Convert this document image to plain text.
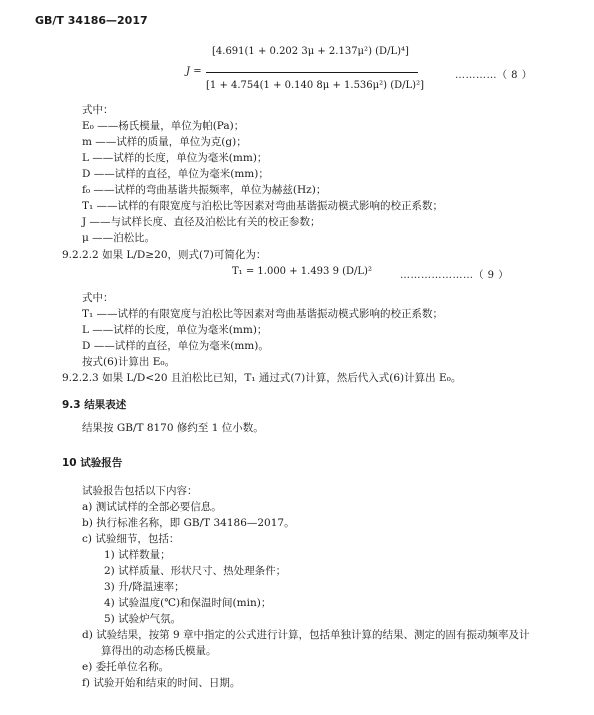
GB/T 34186—2017
J =
[4.691(1 + 0.202 3μ + 2.137μ²) (D/L)⁴]
[1 + 4.754(1 + 0.140 8μ + 1.536μ²) (D/L)²]
…………（ 8 ）
式中：
E₀ ——杨氏模量，单位为帕(Pa)；
m ——试样的质量，单位为克(g)；
L ——试样的长度，单位为毫米(mm)；
D ——试样的直径，单位为毫米(mm)；
f₀ ——试样的弯曲基谐共振频率，单位为赫兹(Hz)；
T₁ ——试样的有限宽度与泊松比等因素对弯曲基谐振动模式影响的校正系数；
J ——与试样长度、直径及泊松比有关的校正参数；
μ ——泊松比。
9.2.2.2 如果 L/D≥20，则式(7)可简化为：
T₁ = 1.000 + 1.493 9 (D/L)²	…………………（ 9 ）
式中：
T₁ ——试样的有限宽度与泊松比等因素对弯曲基谐振动模式影响的校正系数；
L ——试样的长度，单位为毫米(mm)；
D ——试样的直径，单位为毫米(mm)。
按式(6)计算出 E₀。
9.2.2.3 如果 L/D<20 且泊松比已知，T₁ 通过式(7)计算，然后代入式(6)计算出 E₀。
9.3 结果表述
结果按 GB/T 8170 修约至 1 位小数。
10 试验报告
试验报告包括以下内容：
a) 测试试样的全部必要信息。
b) 执行标准名称，即 GB/T 34186—2017。
c) 试验细节，包括：
1) 试样数量；
2) 试样质量、形状尺寸、热处理条件；
3) 升/降温速率；
4) 试验温度(℃)和保温时间(min)；
5) 试验炉气氛。
d) 试验结果，按第 9 章中指定的公式进行计算，包括单独计算的结果、测定的固有振动频率及计
算得出的动态杨氏模量。
e) 委托单位名称。
f) 试验开始和结束的时间、日期。
